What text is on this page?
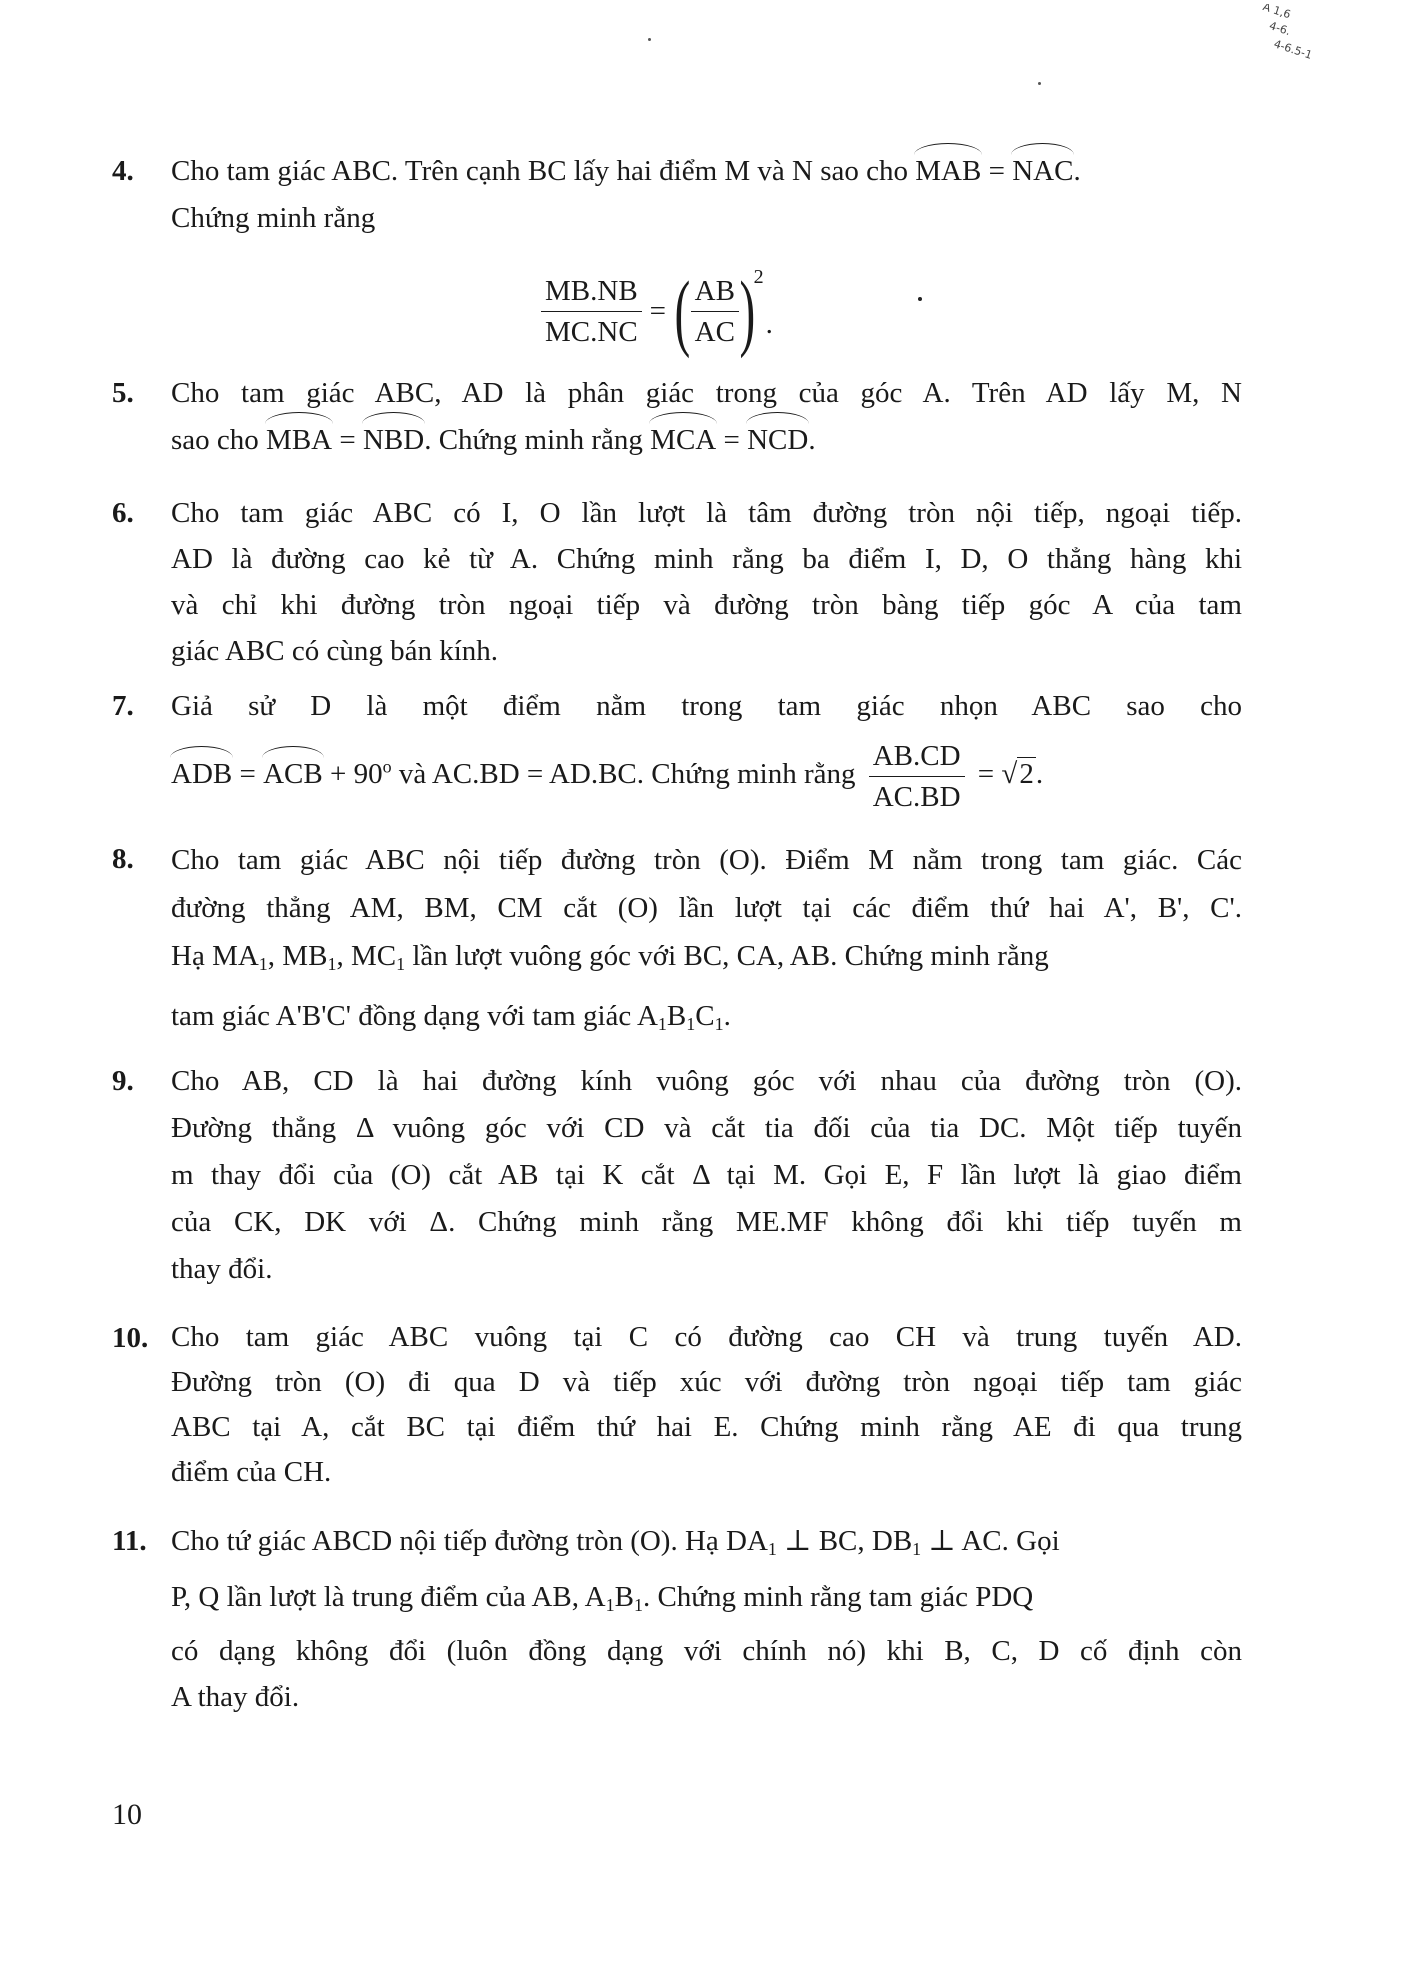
A 1,6
4-6.
4-6.5-1
4. Cho tam giác ABC. Trên cạnh BC lấy hai điểm M và N sao cho MAB = NAC.
Chứng minh rằng
$\frac{MB.NB}{MC.NC}$ = ( $\frac{AB}{AC}$ )
2
.
5. Cho tam giác ABC, AD là phân giác trong của góc A. Trên AD lấy M, N
sao cho MBA = NBD. Chứng minh rằng MCA = NCD.
6. Cho tam giác ABC có I, O lần lượt là tâm đường tròn nội tiếp, ngoại tiếp.
AD là đường cao kẻ từ A. Chứng minh rằng ba điểm I, D, O thẳng hàng khi
và chỉ khi đường tròn ngoại tiếp và đường tròn bàng tiếp góc A của tam
giác ABC có cùng bán kính.
7. Giả sử D là một điểm nằm trong tam giác nhọn ABC sao cho
ADB = ACB + $90^o$ và AC.BD = AD.BC. Chứng minh rằng $\frac{AB.CD}{AC.BD} = √2$.
8. Cho tam giác ABC nội tiếp đường tròn (O). Điểm M nằm trong tam giác. Các
đường thẳng AM, BM, CM cắt (O) lần lượt tại các điểm thứ hai A', B', C'.
Hạ $MA_1$, $MB_1$, $MC_1$ lần lượt vuông góc với BC, CA, AB. Chứng minh rằng
tam giác A'B'C' đồng dạng với tam giác $A_1B_1C_1$.
9. Cho AB, CD là hai đường kính vuông góc với nhau của đường tròn (O).
Đường thẳng Δ vuông góc với CD và cắt tia đối của tia DC. Một tiếp tuyến
m thay đổi của (O) cắt AB tại K cắt Δ tại M. Gọi E, F lần lượt là giao điểm
của CK, DK với Δ. Chứng minh rằng ME.MF không đổi khi tiếp tuyến m
thay đổi.
10. Cho tam giác ABC vuông tại C có đường cao CH và trung tuyến AD.
Đường tròn (O) đi qua D và tiếp xúc với đường tròn ngoại tiếp tam giác
ABC tại A, cắt BC tại điểm thứ hai E. Chứng minh rằng AE đi qua trung
điểm của CH.
11. Cho tứ giác ABCD nội tiếp đường tròn (O). Hạ $DA_1$ ⊥ BC, $DB_1$ ⊥ AC. Gọi
P, Q lần lượt là trung điểm của AB, $A_1B_1$. Chứng minh rằng tam giác PDQ
có dạng không đổi (luôn đồng dạng với chính nó) khi B, C, D cố định còn
A thay đổi.
10
